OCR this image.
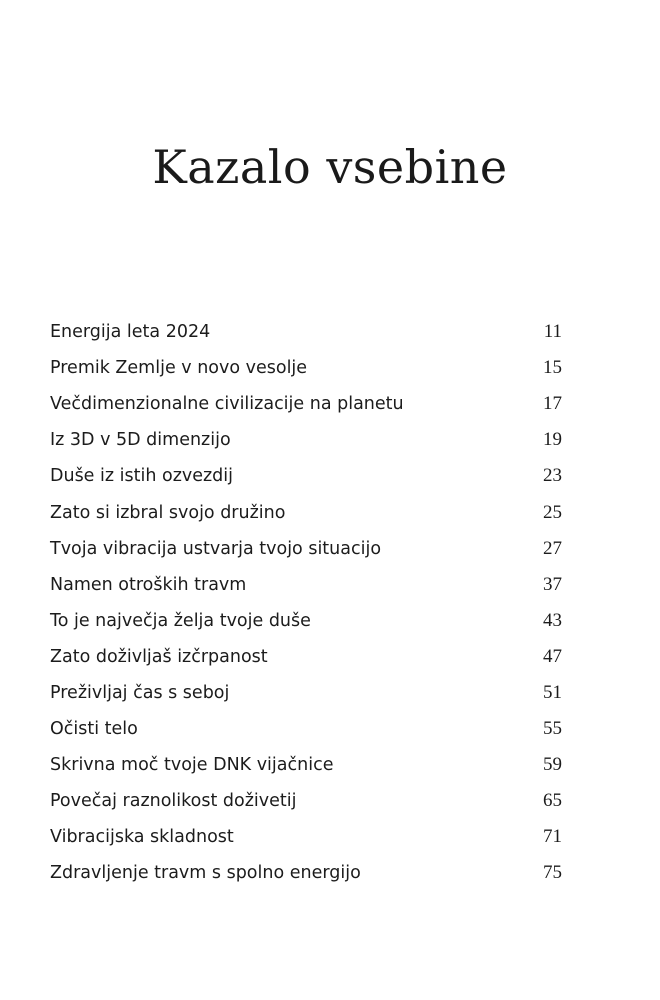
Kazalo vsebine
Energija leta 2024	11
Premik Zemlje v novo vesolje	15
Večdimenzionalne civilizacije na planetu	17
Iz 3D v 5D dimenzijo	19
Duše iz istih ozvezdij	23
Zato si izbral svojo družino	25
Tvoja vibracija ustvarja tvojo situacijo	27
Namen otroških travm	37
To je največja želja tvoje duše	43
Zato doživljaš izčrpanost	47
Preživljaj čas s seboj	51
Očisti telo	55
Skrivna moč tvoje DNK vijačnice	59
Povečaj raznolikost doživetij	65
Vibracijska skladnost	71
Zdravljenje travm s spolno energijo	75
